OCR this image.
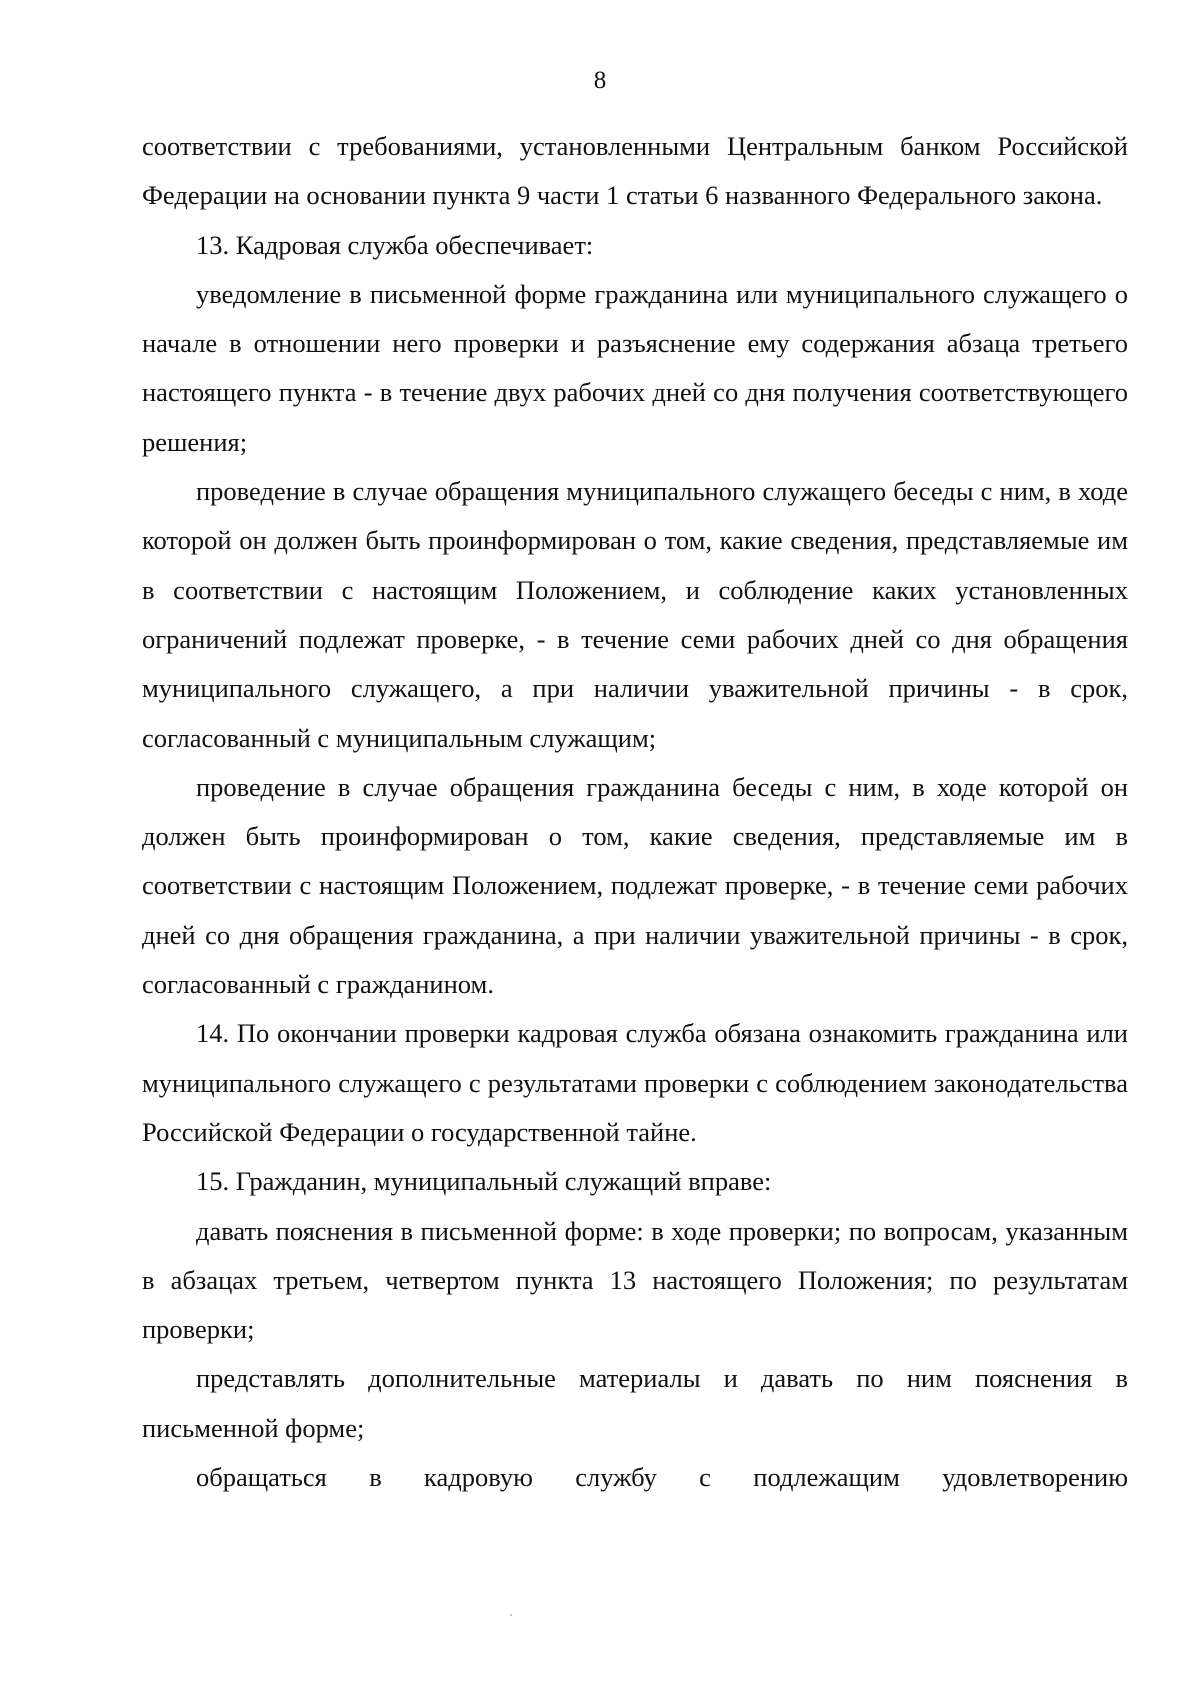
8

соответствии с требованиями, установленными Центральным банком Российской Федерации на основании пункта 9 части 1 статьи 6 названного Федерального закона.

13. Кадровая служба обеспечивает:

уведомление в письменной форме гражданина или муниципального служащего о начале в отношении него проверки и разъяснение ему содержания абзаца третьего настоящего пункта - в течение двух рабочих дней со дня получения соответствующего решения;

проведение в случае обращения муниципального служащего беседы с ним, в ходе которой он должен быть проинформирован о том, какие сведения, представляемые им в соответствии с настоящим Положением, и соблюдение каких установленных ограничений подлежат проверке, - в течение семи рабочих дней со дня обращения муниципального служащего, а при наличии уважительной причины - в срок, согласованный с муниципальным служащим;

проведение в случае обращения гражданина беседы с ним, в ходе которой он должен быть проинформирован о том, какие сведения, представляемые им в соответствии с настоящим Положением, подлежат проверке, - в течение семи рабочих дней со дня обращения гражданина, а при наличии уважительной причины - в срок, согласованный с гражданином.

14. По окончании проверки кадровая служба обязана ознакомить гражданина или муниципального служащего с результатами проверки с соблюдением законодательства Российской Федерации о государственной тайне.

15. Гражданин, муниципальный служащий вправе:

давать пояснения в письменной форме: в ходе проверки; по вопросам, указанным в абзацах третьем, четвертом пункта 13 настоящего Положения; по результатам проверки;

представлять дополнительные материалы и давать по ним пояснения в письменной форме;

обращаться в кадровую службу с подлежащим удовлетворению
